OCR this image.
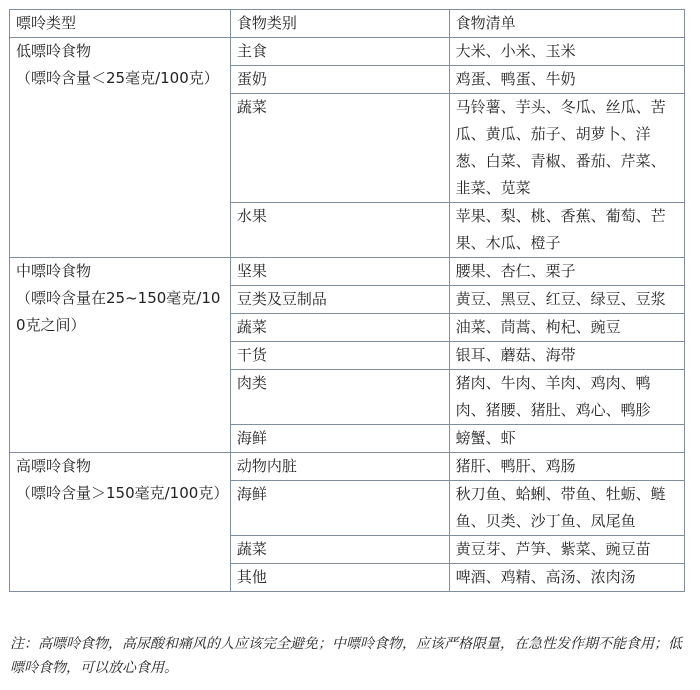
嘌呤类型	食物类别	食物清单

低嘌呤食物
（嘌呤含量＜25毫克/100克）	主食	大米、小米、玉米
	蛋奶	鸡蛋、鸭蛋、牛奶
	蔬菜	马铃薯、芋头、冬瓜、丝瓜、苦瓜、黄瓜、茄子、胡萝卜、洋葱、白菜、青椒、番茄、芹菜、韭菜、苋菜
	水果	苹果、梨、桃、香蕉、葡萄、芒果、木瓜、橙子

中嘌呤食物
（嘌呤含量在25~150毫克/100克之间）	坚果	腰果、杏仁、栗子
	豆类及豆制品	黄豆、黑豆、红豆、绿豆、豆浆
	蔬菜	油菜、茼蒿、枸杞、豌豆
	干货	银耳、蘑菇、海带
	肉类	猪肉、牛肉、羊肉、鸡肉、鸭肉、猪腰、猪肚、鸡心、鸭胗
	海鲜	螃蟹、虾

高嘌呤食物
（嘌呤含量＞150毫克/100克）	动物内脏	猪肝、鸭肝、鸡肠
	海鲜	秋刀鱼、蛤蜊、带鱼、牡蛎、鲢鱼、贝类、沙丁鱼、凤尾鱼
	蔬菜	黄豆芽、芦笋、紫菜、豌豆苗
	其他	啤酒、鸡精、高汤、浓肉汤
注：高嘌呤食物，高尿酸和痛风的人应该完全避免；中嘌呤食物，应该严格限量，在急性发作期不能食用；低嘌呤食物，可以放心食用。
